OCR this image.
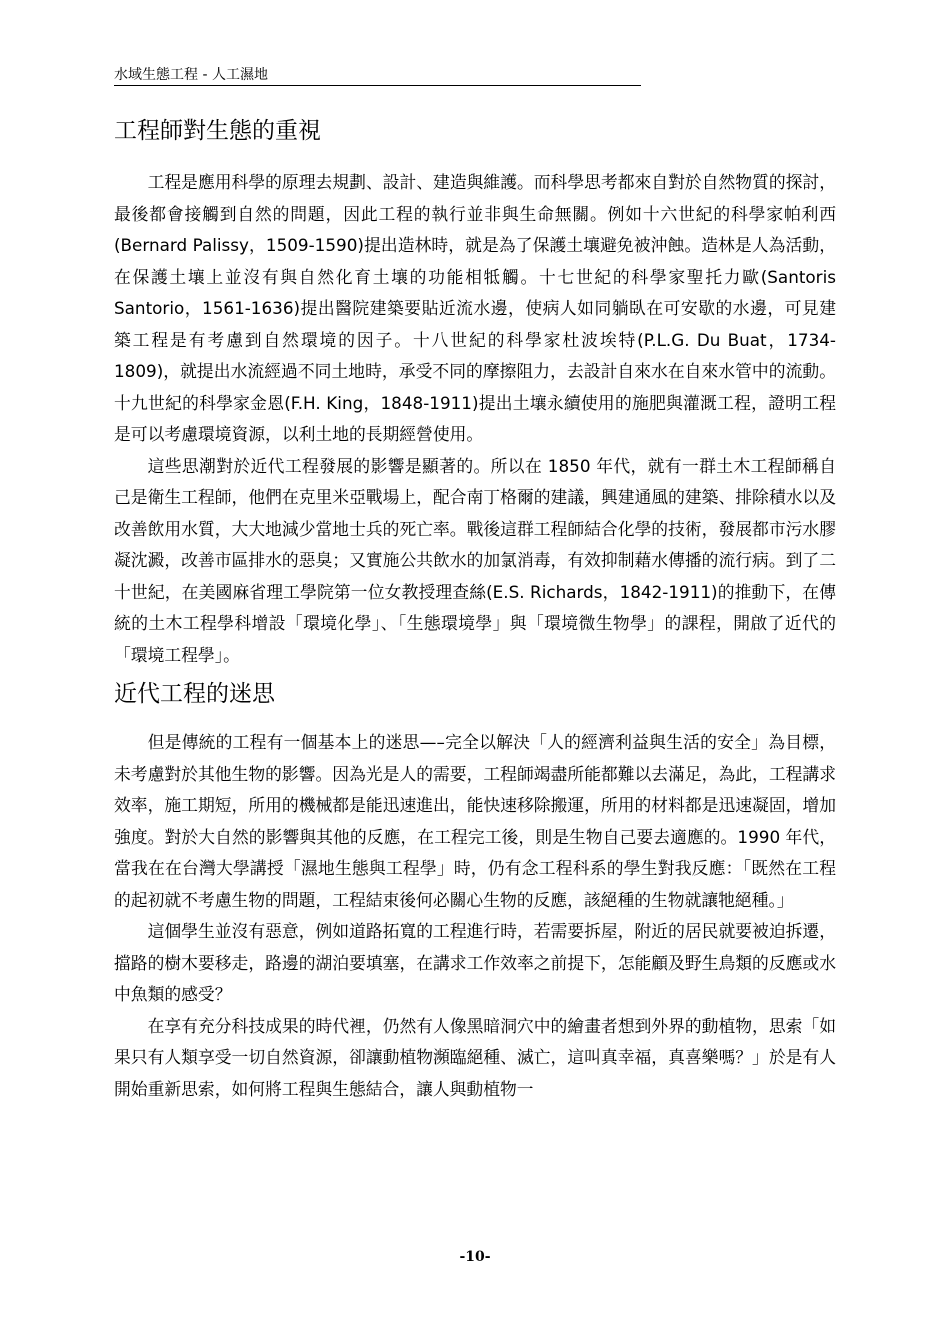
水域生態工程 - 人工濕地
工程師對生態的重視

工程是應用科學的原理去規劃、設計、建造與維護。而科學思考都來自對於自然物質的探討，最後都會接觸到自然的問題，因此工程的執行並非與生命無關。例如十六世紀的科學家帕利西(Bernard Palissy，1509-1590)提出造林時，就是為了保護土壤避免被沖蝕。造林是人為活動，在保護土壤上並沒有與自然化育土壤的功能相牴觸。十七世紀的科學家聖托力歐(Santoris Santorio，1561-1636)提出醫院建築要貼近流水邊，使病人如同躺臥在可安歇的水邊，可見建築工程是有考慮到自然環境的因子。十八世紀的科學家杜波埃特(P.L.G. Du Buat，1734-1809)，就提出水流經過不同土地時，承受不同的摩擦阻力，去設計自來水在自來水管中的流動。十九世紀的科學家金恩(F.H. King，1848-1911)提出土壤永續使用的施肥與灌溉工程，證明工程是可以考慮環境資源，以利土地的長期經營使用。

這些思潮對於近代工程發展的影響是顯著的。所以在 1850 年代，就有一群土木工程師稱自己是衛生工程師，他們在克里米亞戰場上，配合南丁格爾的建議，興建通風的建築、排除積水以及改善飲用水質，大大地減少當地士兵的死亡率。戰後這群工程師結合化學的技術，發展都市污水膠凝沈澱，改善市區排水的惡臭；又實施公共飲水的加氯消毒，有效抑制藉水傳播的流行病。到了二十世紀，在美國麻省理工學院第一位女教授理查絲(E.S. Richards，1842-1911)的推動下，在傳統的土木工程學科增設「環境化學」、「生態環境學」與「環境微生物學」的課程，開啟了近代的「環境工程學」。

近代工程的迷思

但是傳統的工程有一個基本上的迷思—–完全以解決「人的經濟利益與生活的安全」為目標，未考慮對於其他生物的影響。因為光是人的需要，工程師竭盡所能都難以去滿足，為此，工程講求效率，施工期短，所用的機械都是能迅速進出，能快速移除搬運，所用的材料都是迅速凝固，增加強度。對於大自然的影響與其他的反應，在工程完工後，則是生物自己要去適應的。1990 年代，當我在在台灣大學講授「濕地生態與工程學」時，仍有念工程科系的學生對我反應：「既然在工程的起初就不考慮生物的問題，工程結束後何必關心生物的反應，該絕種的生物就讓牠絕種。」

這個學生並沒有惡意，例如道路拓寬的工程進行時，若需要拆屋，附近的居民就要被迫拆遷，擋路的樹木要移走，路邊的湖泊要填塞，在講求工作效率之前提下，怎能顧及野生鳥類的反應或水中魚類的感受？

在享有充分科技成果的時代裡，仍然有人像黑暗洞穴中的繪畫者想到外界的動植物，思索「如果只有人類享受一切自然資源，卻讓動植物瀕臨絕種、滅亡，這叫真幸福，真喜樂嗎？」於是有人開始重新思索，如何將工程與生態結合，讓人與動植物一

-10-
